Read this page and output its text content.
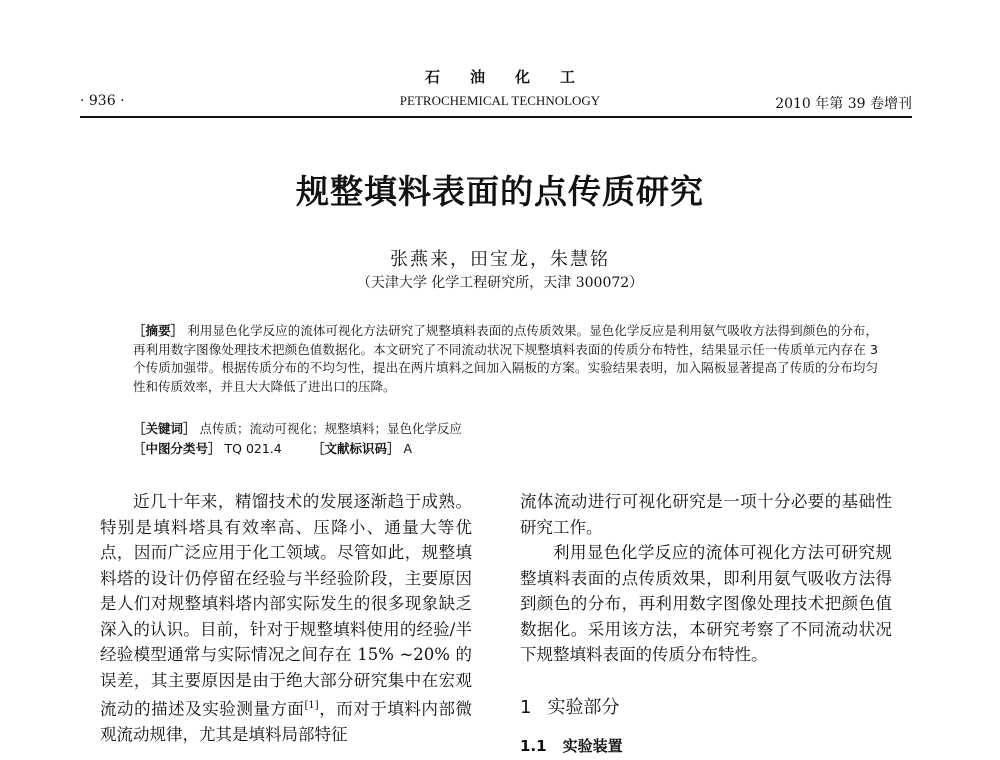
石油化工
· 936 ·	PETROCHEMICAL TECHNOLOGY	2010 年第 39 卷增刊
规整填料表面的点传质研究
张燕来，田宝龙，朱慧铭
（天津大学 化学工程研究所，天津 300072）
［摘要］ 利用显色化学反应的流体可视化方法研究了规整填料表面的点传质效果。显色化学反应是利用氨气吸收方法得到颜色的分布，再利用数字图像处理技术把颜色值数据化。本文研究了不同流动状况下规整填料表面的传质分布特性，结果显示任一传质单元内存在 3 个传质加强带。根据传质分布的不均匀性，提出在两片填料之间加入隔板的方案。实验结果表明，加入隔板显著提高了传质的分布均匀性和传质效率，并且大大降低了进出口的压降。
［关键词］ 点传质；流动可视化；规整填料；显色化学反应
［中图分类号］ TQ 021.4 ［文献标识码］ A

近几十年来，精馏技术的发展逐渐趋于成熟。特别是填料塔具有效率高、压降小、通量大等优点，因而广泛应用于化工领域。尽管如此，规整填料塔的设计仍停留在经验与半经验阶段，主要原因是人们对规整填料塔内部实际发生的很多现象缺乏深入的认识。目前，针对于规整填料使用的经验/半经验模型通常与实际情况之间存在 15% ~20% 的误差，其主要原因是由于绝大部分研究集中在宏观流动的描述及实验测量方面[1]，而对于填料内部微观流动规律，尤其是填料局部特征

流体流动进行可视化研究是一项十分必要的基础性研究工作。

利用显色化学反应的流体可视化方法可研究规整填料表面的点传质效果，即利用氨气吸收方法得到颜色的分布，再利用数字图像处理技术把颜色值数据化。采用该方法，本研究考察了不同流动状况下规整填料表面的传质分布特性。

1 实验部分
1.1 实验装置
